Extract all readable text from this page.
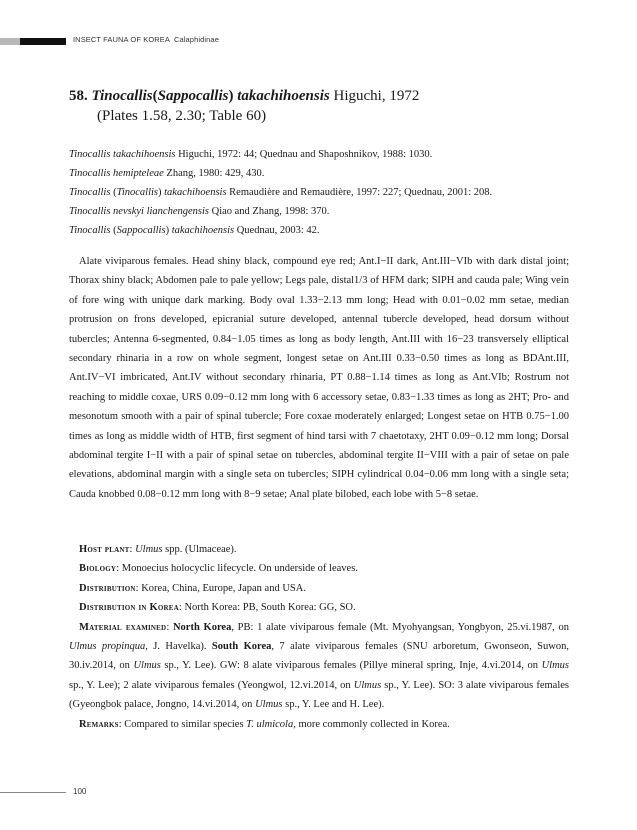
INSECT FAUNA OF KOREA Calaphidinae
58. Tinocallis(Sappocallis) takachihoensis Higuchi, 1972
(Plates 1.58, 2.30; Table 60)
Tinocallis takachihoensis Higuchi, 1972: 44; Quednau and Shaposhnikov, 1988: 1030.
Tinocallis hemipteleae Zhang, 1980: 429, 430.
Tinocallis (Tinocallis) takachihoensis Remaudière and Remaudière, 1997: 227; Quednau, 2001: 208.
Tinocallis nevskyi lianchengensis Qiao and Zhang, 1998: 370.
Tinocallis (Sappocallis) takachihoensis Quednau, 2003: 42.

Alate viviparous females. Head shiny black, compound eye red; Ant.I−II dark, Ant.III−VIb with dark distal joint; Thorax shiny black; Abdomen pale to pale yellow; Legs pale, distal1/3 of HFM dark; SIPH and cauda pale; Wing vein of fore wing with unique dark marking. Body oval 1.33−2.13 mm long; Head with 0.01−0.02 mm setae, median protrusion on frons developed, epicranial suture developed, antennal tubercle developed, head dorsum without tubercles; Antenna 6-segmented, 0.84−1.05 times as long as body length, Ant.III with 16−23 transversely elliptical secondary rhinaria in a row on whole segment, longest setae on Ant.III 0.33−0.50 times as long as BDAnt.III, Ant.IV−VI imbricated, Ant.IV without secondary rhinaria, PT 0.88−1.14 times as long as Ant.VIb; Rostrum not reaching to middle coxae, URS 0.09−0.12 mm long with 6 accessory setae, 0.83−1.33 times as long as 2HT; Pro- and mesonotum smooth with a pair of spinal tubercle; Fore coxae moderately enlarged; Longest setae on HTB 0.75−1.00 times as long as middle width of HTB, first segment of hind tarsi with 7 chaetotaxy, 2HT 0.09−0.12 mm long; Dorsal abdominal tergite I−II with a pair of spinal setae on tubercles, abdominal tergite II−VIII with a pair of setae on pale elevations, abdominal margin with a single seta on tubercles; SIPH cylindrical 0.04−0.06 mm long with a single seta; Cauda knobbed 0.08−0.12 mm long with 8−9 setae; Anal plate bilobed, each lobe with 5−8 setae.

Host plant: Ulmus spp. (Ulmaceae).

Biology: Monoecius holocyclic lifecycle. On underside of leaves.

Distribution: Korea, China, Europe, Japan and USA.

Distribution in Korea: North Korea: PB, South Korea: GG, SO.

Material examined: North Korea, PB: 1 alate viviparous female (Mt. Myohyangsan, Yongbyon, 25.vi.1987, on Ulmus propinqua, J. Havelka). South Korea, 7 alate viviparous females (SNU arboretum, Gwonseon, Suwon, 30.iv.2014, on Ulmus sp., Y. Lee). GW: 8 alate viviparous females (Pillye mineral spring, Inje, 4.vi.2014, on Ulmus sp., Y. Lee); 2 alate viviparous females (Yeongwol, 12.vi.2014, on Ulmus sp., Y. Lee). SO: 3 alate viviparous females (Gyeongbok palace, Jongno, 14.vi.2014, on Ulmus sp., Y. Lee and H. Lee).

Remarks: Compared to similar species T. ulmicola, more commonly collected in Korea.

100
